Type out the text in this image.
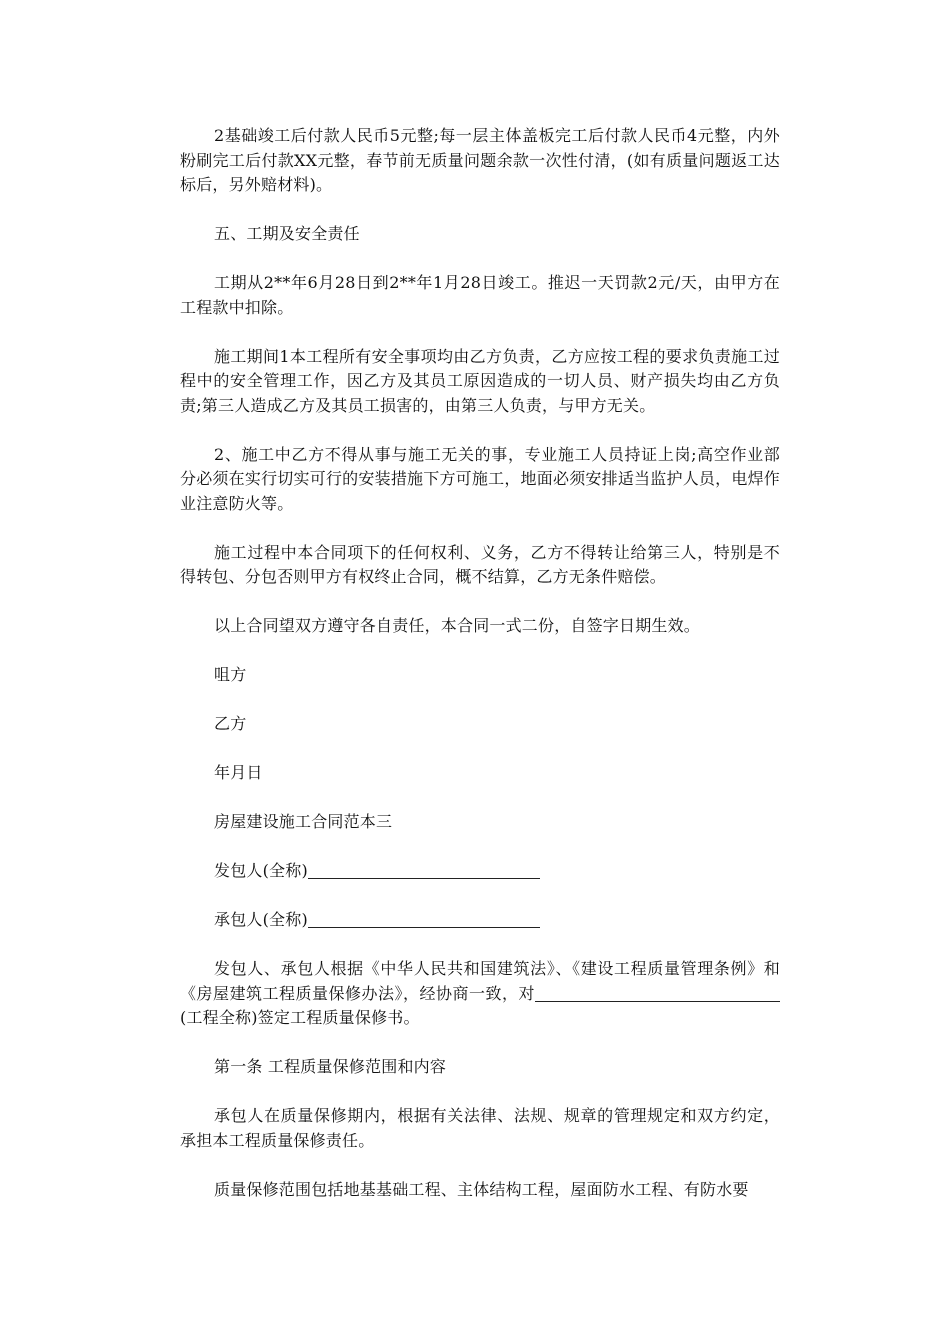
2基础竣工后付款人民币5元整;每一层主体盖板完工后付款人民币4元整，内外粉刷完工后付款XX元整，春节前无质量问题余款一次性付清，(如有质量问题返工达标后，另外赔材料)。

五、工期及安全责任

工期从2**年6月28日到2**年1月28日竣工。推迟一天罚款2元/天，由甲方在工程款中扣除。

施工期间1本工程所有安全事项均由乙方负责，乙方应按工程的要求负责施工过程中的安全管理工作，因乙方及其员工原因造成的一切人员、财产损失均由乙方负责;第三人造成乙方及其员工损害的，由第三人负责，与甲方无关。

2、施工中乙方不得从事与施工无关的事，专业施工人员持证上岗;高空作业部分必须在实行切实可行的安装措施下方可施工，地面必须安排适当监护人员，电焊作业注意防火等。

施工过程中本合同项下的任何权利、义务，乙方不得转让给第三人，特别是不得转包、分包否则甲方有权终止合同，概不结算，乙方无条件赔偿。

以上合同望双方遵守各自责任，本合同一式二份，自签字日期生效。

咀方

乙方

年月日

房屋建设施工合同范本三

发包人(全称)

承包人(全称)

发包人、承包人根据《中华人民共和国建筑法》、《建设工程质量管理条例》和《房屋建筑工程质量保修办法》，经协商一致，对(工程全称)签定工程质量保修书。

第一条 工程质量保修范围和内容

承包人在质量保修期内，根据有关法律、法规、规章的管理规定和双方约定，承担本工程质量保修责任。

质量保修范围包括地基基础工程、主体结构工程，屋面防水工程、有防水要
